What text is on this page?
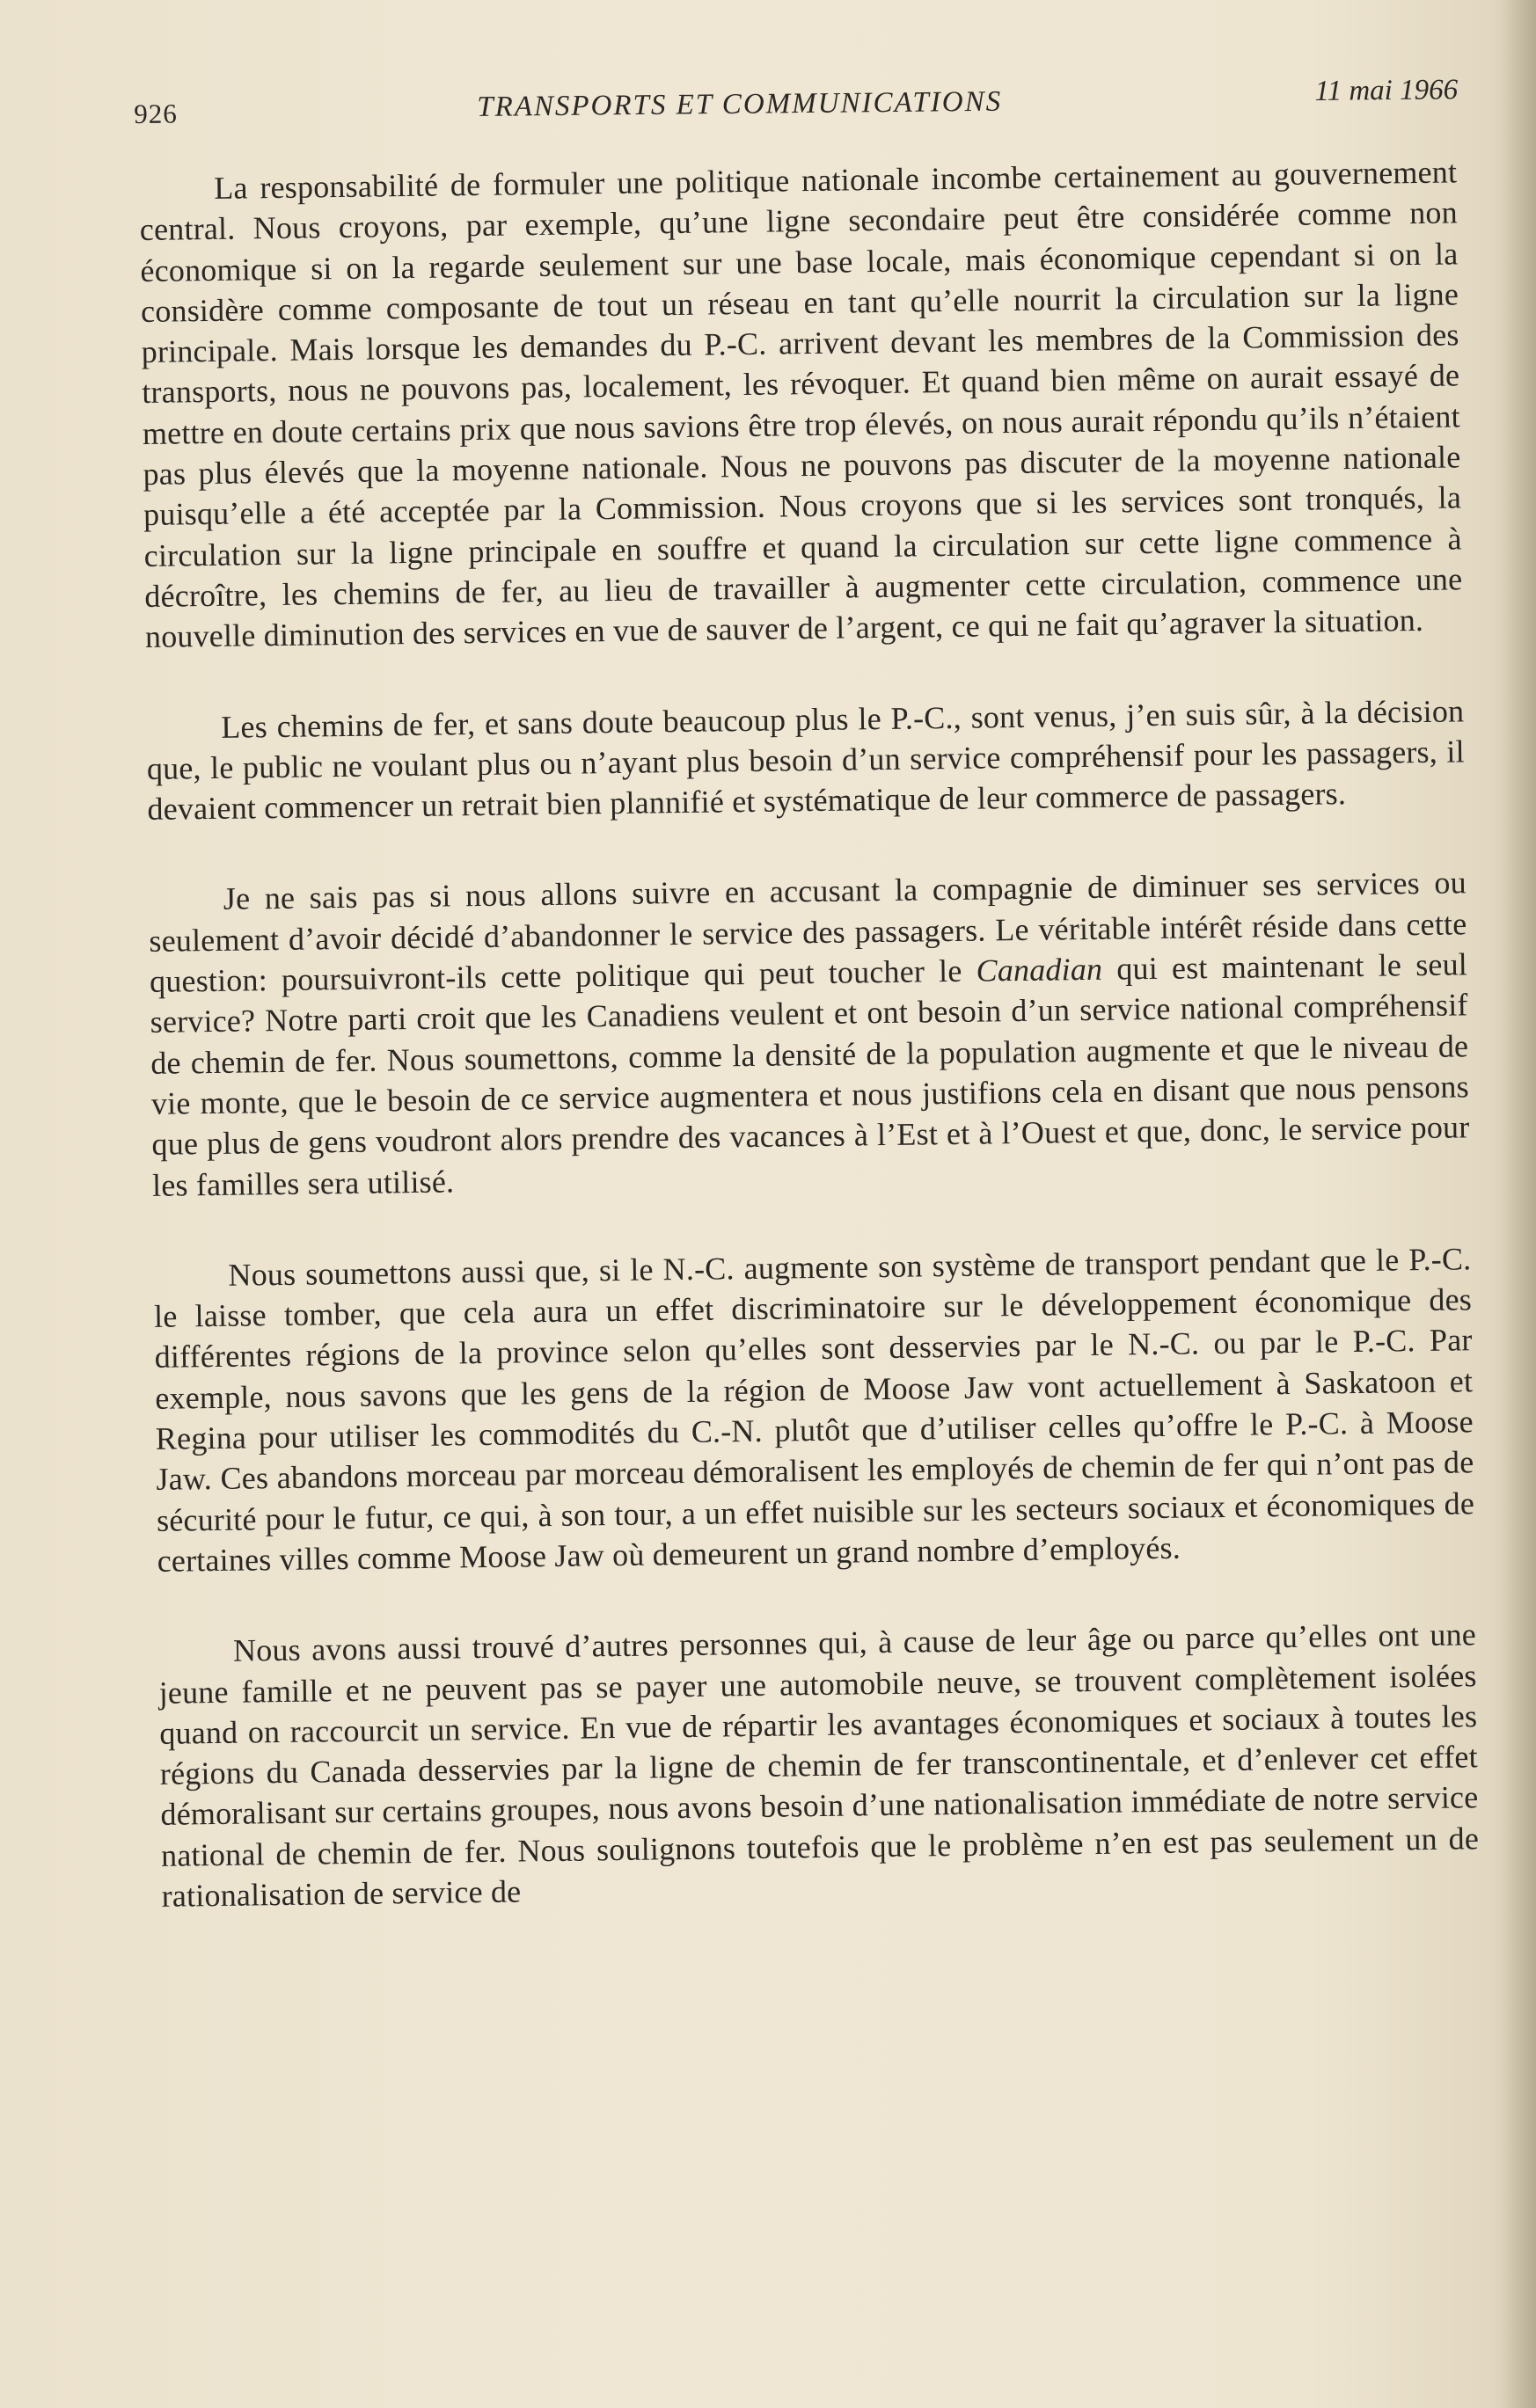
926	TRANSPORTS ET COMMUNICATIONS	11 mai 1966

La responsabilité de formuler une politique nationale incombe certainement au gouvernement central. Nous croyons, par exemple, qu’une ligne secondaire peut être considérée comme non économique si on la regarde seulement sur une base locale, mais économique cependant si on la considère comme composante de tout un réseau en tant qu’elle nourrit la circulation sur la ligne principale. Mais lorsque les demandes du P.-C. arrivent devant les membres de la Commission des transports, nous ne pouvons pas, localement, les révoquer. Et quand bien même on aurait essayé de mettre en doute certains prix que nous savions être trop élevés, on nous aurait répondu qu’ils n’étaient pas plus élevés que la moyenne nationale. Nous ne pouvons pas discuter de la moyenne nationale puisqu’elle a été acceptée par la Commission. Nous croyons que si les services sont tronqués, la circulation sur la ligne principale en souffre et quand la circulation sur cette ligne commence à décroître, les chemins de fer, au lieu de travailler à augmenter cette circulation, commence une nouvelle diminution des services en vue de sauver de l’argent, ce qui ne fait qu’agraver la situation.

Les chemins de fer, et sans doute beaucoup plus le P.-C., sont venus, j’en suis sûr, à la décision que, le public ne voulant plus ou n’ayant plus besoin d’un service compréhensif pour les passagers, il devaient commencer un retrait bien plannifié et systématique de leur commerce de passagers.

Je ne sais pas si nous allons suivre en accusant la compagnie de diminuer ses services ou seulement d’avoir décidé d’abandonner le service des passagers. Le véritable intérêt réside dans cette question: poursuivront-ils cette politique qui peut toucher le Canadian qui est maintenant le seul service? Notre parti croit que les Canadiens veulent et ont besoin d’un service national compréhensif de chemin de fer. Nous soumettons, comme la densité de la population augmente et que le niveau de vie monte, que le besoin de ce service augmentera et nous justifions cela en disant que nous pensons que plus de gens voudront alors prendre des vacances à l’Est et à l’Ouest et que, donc, le service pour les familles sera utilisé.

Nous soumettons aussi que, si le N.-C. augmente son système de transport pendant que le P.-C. le laisse tomber, que cela aura un effet discriminatoire sur le développement économique des différentes régions de la province selon qu’elles sont desservies par le N.-C. ou par le P.-C. Par exemple, nous savons que les gens de la région de Moose Jaw vont actuellement à Saskatoon et Regina pour utiliser les commodités du C.-N. plutôt que d’utiliser celles qu’offre le P.-C. à Moose Jaw. Ces abandons morceau par morceau démoralisent les employés de chemin de fer qui n’ont pas de sécurité pour le futur, ce qui, à son tour, a un effet nuisible sur les secteurs sociaux et économiques de certaines villes comme Moose Jaw où demeurent un grand nombre d’employés.

Nous avons aussi trouvé d’autres personnes qui, à cause de leur âge ou parce qu’elles ont une jeune famille et ne peuvent pas se payer une automobile neuve, se trouvent complètement isolées quand on raccourcit un service. En vue de répartir les avantages économiques et sociaux à toutes les régions du Canada desservies par la ligne de chemin de fer transcontinentale, et d’enlever cet effet démoralisant sur certains groupes, nous avons besoin d’une nationalisation immédiate de notre service national de chemin de fer. Nous soulignons toutefois que le problème n’en est pas seulement un de rationalisation de service de
